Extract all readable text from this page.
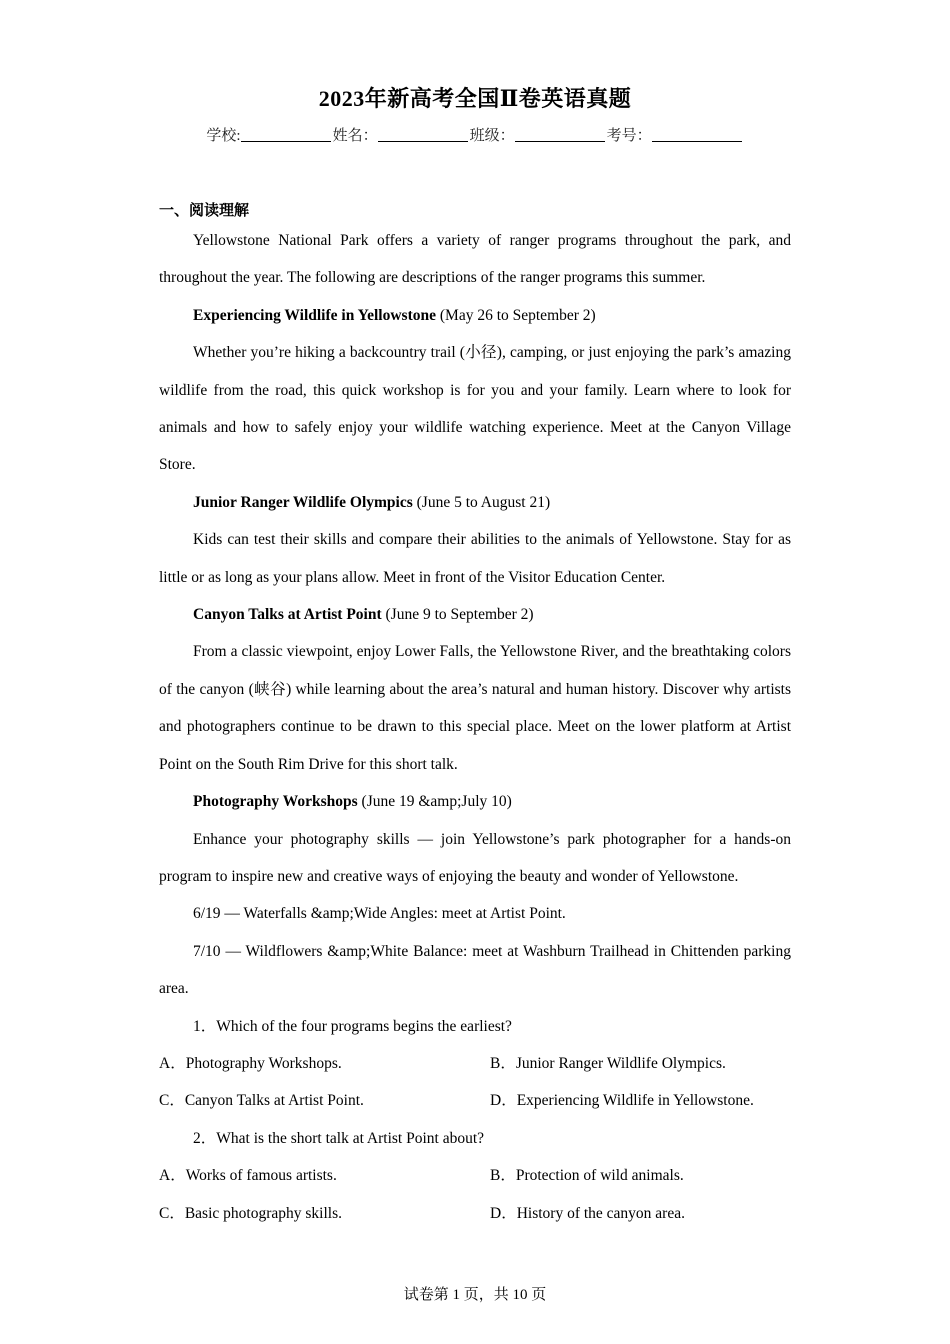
2023年新高考全国Ⅱ卷英语真题
学校:	姓名：	班级：	考号：
一、阅读理解

Yellowstone National Park offers a variety of ranger programs throughout the park, and throughout the year. The following are descriptions of the ranger programs this summer.

Experiencing Wildlife in Yellowstone (May 26 to September 2)

Whether you’re hiking a backcountry trail (小径), camping, or just enjoying the park’s amazing wildlife from the road, this quick workshop is for you and your family. Learn where to look for animals and how to safely enjoy your wildlife watching experience. Meet at the Canyon Village Store.

Junior Ranger Wildlife Olympics (June 5 to August 21)

Kids can test their skills and compare their abilities to the animals of Yellowstone. Stay for as little or as long as your plans allow. Meet in front of the Visitor Education Center.

Canyon Talks at Artist Point (June 9 to September 2)

From a classic viewpoint, enjoy Lower Falls, the Yellowstone River, and the breathtaking colors of the canyon (峡谷) while learning about the area’s natural and human history. Discover why artists and photographers continue to be drawn to this special place. Meet on the lower platform at Artist Point on the South Rim Drive for this short talk.

Photography Workshops (June 19 &amp;July 10)

Enhance your photography skills — join Yellowstone’s park photographer for a hands-on program to inspire new and creative ways of enjoying the beauty and wonder of Yellowstone.

6/19 — Waterfalls &amp;Wide Angles: meet at Artist Point.

7/10 — Wildflowers &amp;White Balance: meet at Washburn Trailhead in Chittenden parking area.

1．Which of the four programs begins the earliest?

A．Photography Workshops.	B．Junior Ranger Wildlife Olympics.
C．Canyon Talks at Artist Point.	D．Experiencing Wildlife in Yellowstone.

2．What is the short talk at Artist Point about?

A．Works of famous artists.	B．Protection of wild animals.
C．Basic photography skills.	D．History of the canyon area.
试卷第 1 页，共 10 页
